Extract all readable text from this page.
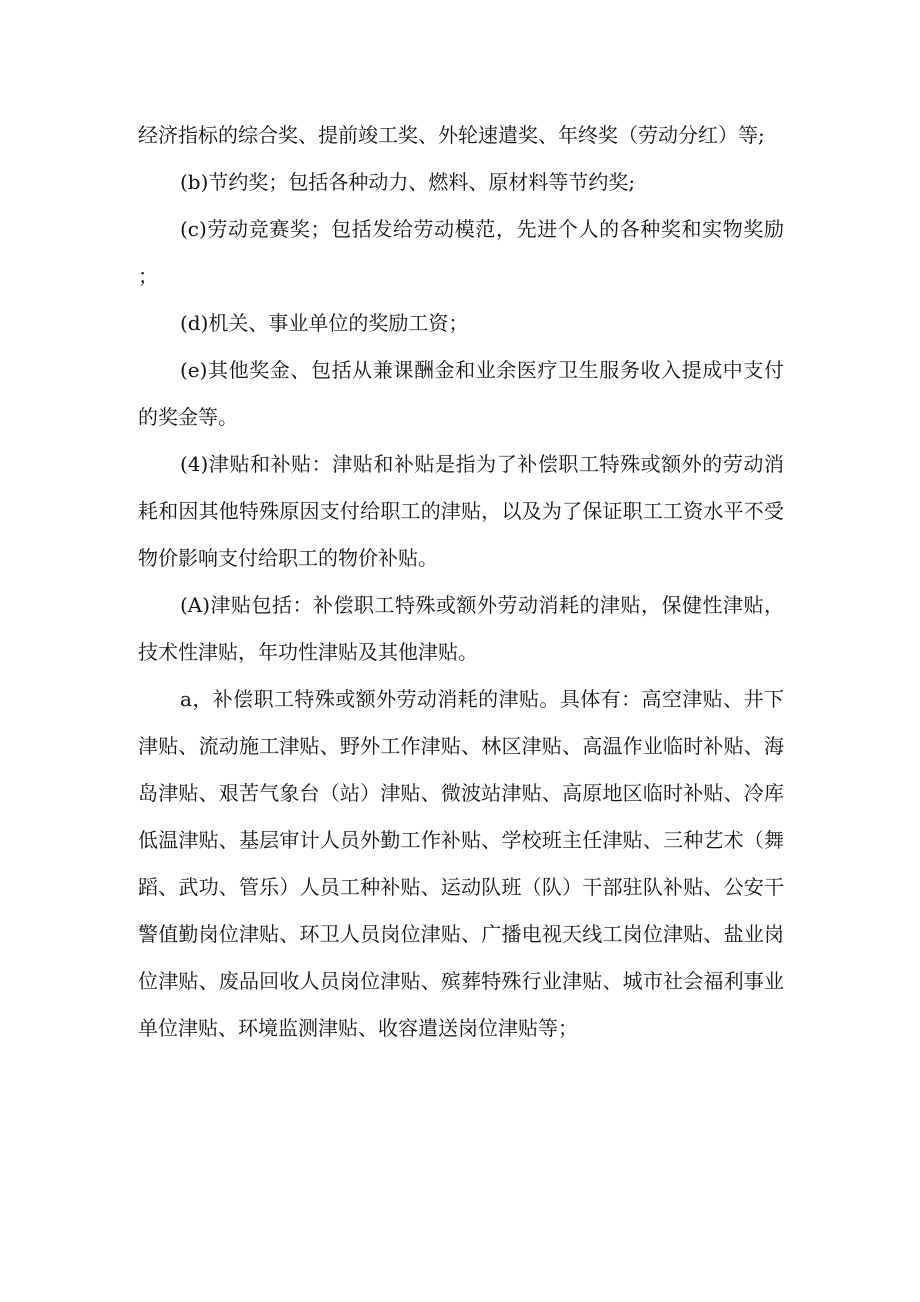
经济指标的综合奖、提前竣工奖、外轮速遣奖、年终奖（劳动分红）等;

(b)节约奖；包括各种动力、燃料、原材料等节约奖;

(c)劳动竞赛奖；包括发给劳动模范，先进个人的各种奖和实物奖励；

(d)机关、事业单位的奖励工资；

(e)其他奖金、包括从兼课酬金和业余医疗卫生服务收入提成中支付的奖金等。

(4)津贴和补贴：津贴和补贴是指为了补偿职工特殊或额外的劳动消耗和因其他特殊原因支付给职工的津贴，以及为了保证职工工资水平不受物价影响支付给职工的物价补贴。

(A)津贴包括：补偿职工特殊或额外劳动消耗的津贴，保健性津贴，技术性津贴，年功性津贴及其他津贴。

a，补偿职工特殊或额外劳动消耗的津贴。具体有：高空津贴、井下津贴、流动施工津贴、野外工作津贴、林区津贴、高温作业临时补贴、海岛津贴、艰苦气象台（站）津贴、微波站津贴、高原地区临时补贴、冷库低温津贴、基层审计人员外勤工作补贴、学校班主任津贴、三种艺术（舞蹈、武功、管乐）人员工种补贴、运动队班（队）干部驻队补贴、公安干警值勤岗位津贴、环卫人员岗位津贴、广播电视天线工岗位津贴、盐业岗位津贴、废品回收人员岗位津贴、殡葬特殊行业津贴、城市社会福利事业单位津贴、环境监测津贴、收容遣送岗位津贴等；
